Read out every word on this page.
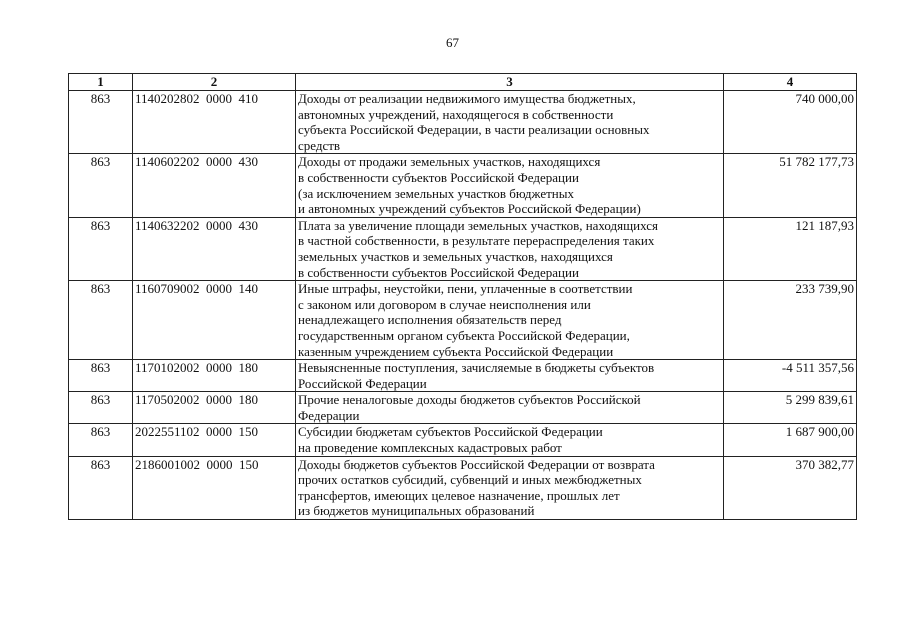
67
1	2	3	4
863	1140202802  0000  410	Доходы от реализации недвижимого имущества бюджетных,
автономных учреждений, находящегося в собственности
субъекта Российской Федерации, в части реализации основных
средств	740 000,00
863	1140602202  0000  430	Доходы от продажи земельных участков, находящихся
в собственности субъектов Российской Федерации
(за исключением земельных участков бюджетных
и автономных учреждений субъектов Российской Федерации)	51 782 177,73
863	1140632202  0000  430	Плата за увеличение площади земельных участков, находящихся
в частной собственности, в результате перераспределения таких
земельных участков и земельных участков, находящихся
в собственности субъектов Российской Федерации	121 187,93
863	1160709002  0000  140	Иные штрафы, неустойки, пени, уплаченные в соответствии
с законом или договором в случае неисполнения или
ненадлежащего исполнения обязательств перед
государственным органом субъекта Российской Федерации,
казенным учреждением субъекта Российской Федерации	233 739,90
863	1170102002  0000  180	Невыясненные поступления, зачисляемые в бюджеты субъектов
Российской Федерации	-4 511 357,56
863	1170502002  0000  180	Прочие неналоговые доходы бюджетов субъектов Российской
Федерации	5 299 839,61
863	2022551102  0000  150	Субсидии бюджетам субъектов Российской Федерации
на проведение комплексных кадастровых работ	1 687 900,00
863	2186001002  0000  150	Доходы бюджетов субъектов Российской Федерации от возврата
прочих остатков субсидий, субвенций и иных межбюджетных
трансфертов, имеющих целевое назначение, прошлых лет
из бюджетов муниципальных образований	370 382,77
